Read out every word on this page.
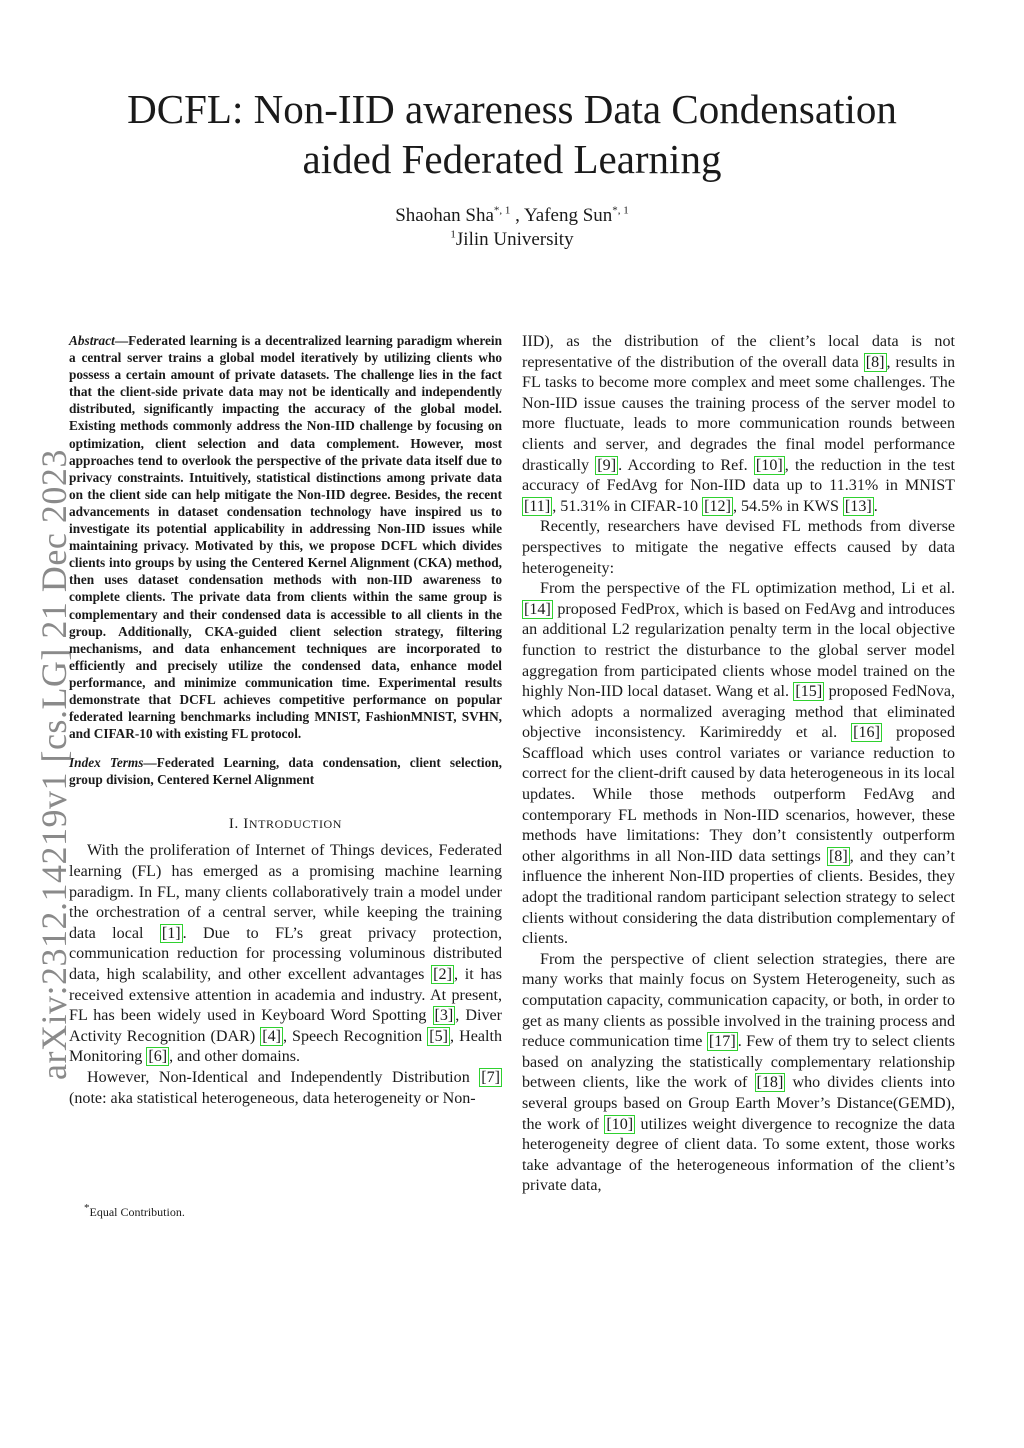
arXiv:2312.14219v1 [cs.LG] 21 Dec 2023
DCFL: Non-IID awareness Data Condensation
aided Federated Learning
Shaohan Sha$^{*, 1}$ , Yafeng Sun$^{*, 1}$
$^1$Jilin University

Abstract—Federated learning is a decentralized learning paradigm wherein a central server trains a global model iteratively by utilizing clients who possess a certain amount of private datasets. The challenge lies in the fact that the client-side private data may not be identically and independently distributed, significantly impacting the accuracy of the global model. Existing methods commonly address the Non-IID challenge by focusing on optimization, client selection and data complement. However, most approaches tend to overlook the perspective of the private data itself due to privacy constraints. Intuitively, statistical distinctions among private data on the client side can help mitigate the Non-IID degree. Besides, the recent advancements in dataset condensation technology have inspired us to investigate its potential applicability in addressing Non-IID issues while maintaining privacy. Motivated by this, we propose DCFL which divides clients into groups by using the Centered Kernel Alignment (CKA) method, then uses dataset condensation methods with non-IID awareness to complete clients. The private data from clients within the same group is complementary and their condensed data is accessible to all clients in the group. Additionally, CKA-guided client selection strategy, filtering mechanisms, and data enhancement techniques are incorporated to efficiently and precisely utilize the condensed data, enhance model performance, and minimize communication time. Experimental results demonstrate that DCFL achieves competitive performance on popular federated learning benchmarks including MNIST, FashionMNIST, SVHN, and CIFAR-10 with existing FL protocol.

Index Terms—Federated Learning, data condensation, client selection, group division, Centered Kernel Alignment

I. INTRODUCTION

With the proliferation of Internet of Things devices, Federated learning (FL) has emerged as a promising machine learning paradigm. In FL, many clients collaboratively train a model under the orchestration of a central server, while keeping the training data local [1] . Due to FL’s great privacy protection, communication reduction for processing voluminous distributed data, high scalability, and other excellent advantages [2] , it has received extensive attention in academia and industry. At present, FL has been widely used in Keyboard Word Spotting [3] , Diver Activity Recognition (DAR) [4] , Speech Recognition [5] , Health Monitoring [6] , and other domains.

However, Non-Identical and Independently Distribution [7] (note: aka statistical heterogeneous, data heterogeneity or Non-

IID), as the distribution of the client’s local data is not representative of the distribution of the overall data [8] , results in FL tasks to become more complex and meet some challenges. The Non-IID issue causes the training process of the server model to more fluctuate, leads to more communication rounds between clients and server, and degrades the final model performance drastically [9] . According to Ref. [10] , the reduction in the test accuracy of FedAvg for Non-IID data up to 11.31% in MNIST [11] , 51.31% in CIFAR-10 [12] , 54.5% in KWS [13] .

Recently, researchers have devised FL methods from diverse perspectives to mitigate the negative effects caused by data heterogeneity:

From the perspective of the FL optimization method, Li et al. [14] proposed FedProx, which is based on FedAvg and introduces an additional L2 regularization penalty term in the local objective function to restrict the disturbance to the global server model aggregation from participated clients whose model trained on the highly Non-IID local dataset. Wang et al. [15] proposed FedNova, which adopts a normalized averaging method that eliminated objective inconsistency. Karimireddy et al. [16] proposed Scaffload which uses control variates or variance reduction to correct for the client-drift caused by data heterogeneous in its local updates. While those methods outperform FedAvg and contemporary FL methods in Non-IID scenarios, however, these methods have limitations: They don’t consistently outperform other algorithms in all Non-IID data settings [8] , and they can’t influence the inherent Non-IID properties of clients. Besides, they adopt the traditional random participant selection strategy to select clients without considering the data distribution complementary of clients.

From the perspective of client selection strategies, there are many works that mainly focus on System Heterogeneity, such as computation capacity, communication capacity, or both, in order to get as many clients as possible involved in the training process and reduce communication time [17] . Few of them try to select clients based on analyzing the statistically complementary relationship between clients, like the work of [18] who divides clients into several groups based on Group Earth Mover’s Distance(GEMD), the work of [10] utilizes weight divergence to recognize the data heterogeneity degree of client data. To some extent, those works take advantage of the heterogeneous information of the client’s private data,

*Equal Contribution.
